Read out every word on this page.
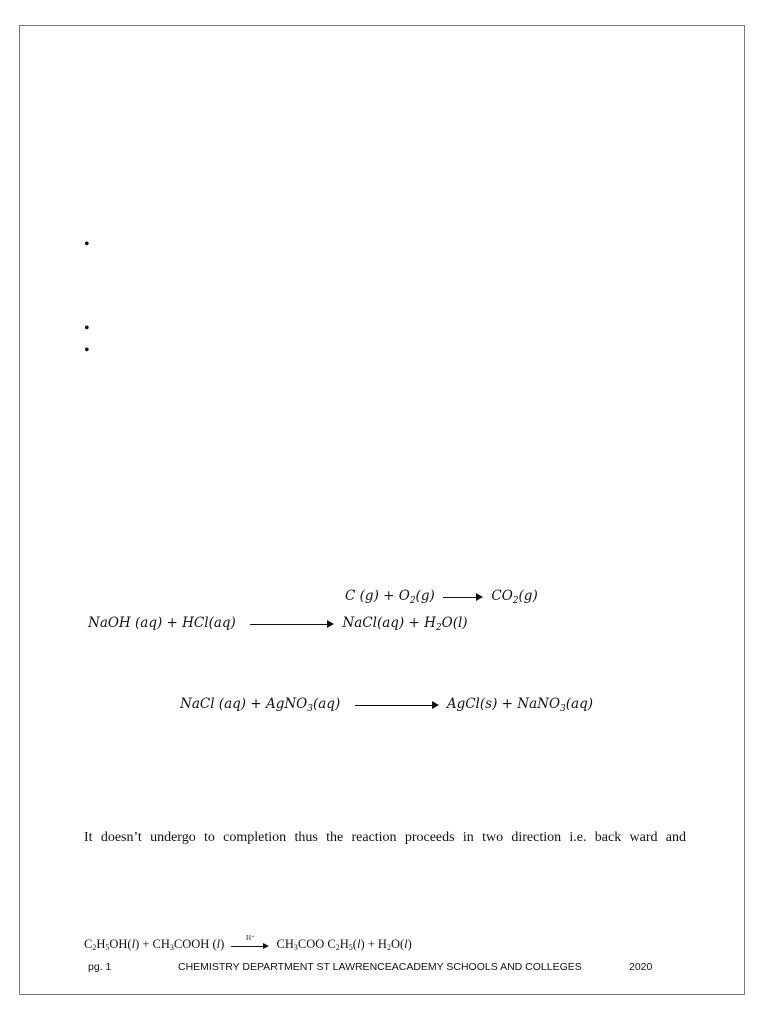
•
•
•
C $(g) + O_2(g)$	$CO_2(g)$
NaOH (aq) + HCl(aq)	NaCl(aq) + $H_2O(l)$
NaCl (aq) + AgNO$_3$(aq)	AgCl(s) + NaNO$_3$(aq)
It doesn’t undergo to completion thus the reaction proceeds in two direction i.e. back ward and
$C_2H_5OH(l)$ + $CH_3COOH$ (l)	H⁺	$CH_3COO$ $C_2H_5(l) + H_2O(l)$
pg. 1	CHEMISTRY DEPARTMENT ST LAWRENCEACADEMY SCHOOLS AND COLLEGES	2020
